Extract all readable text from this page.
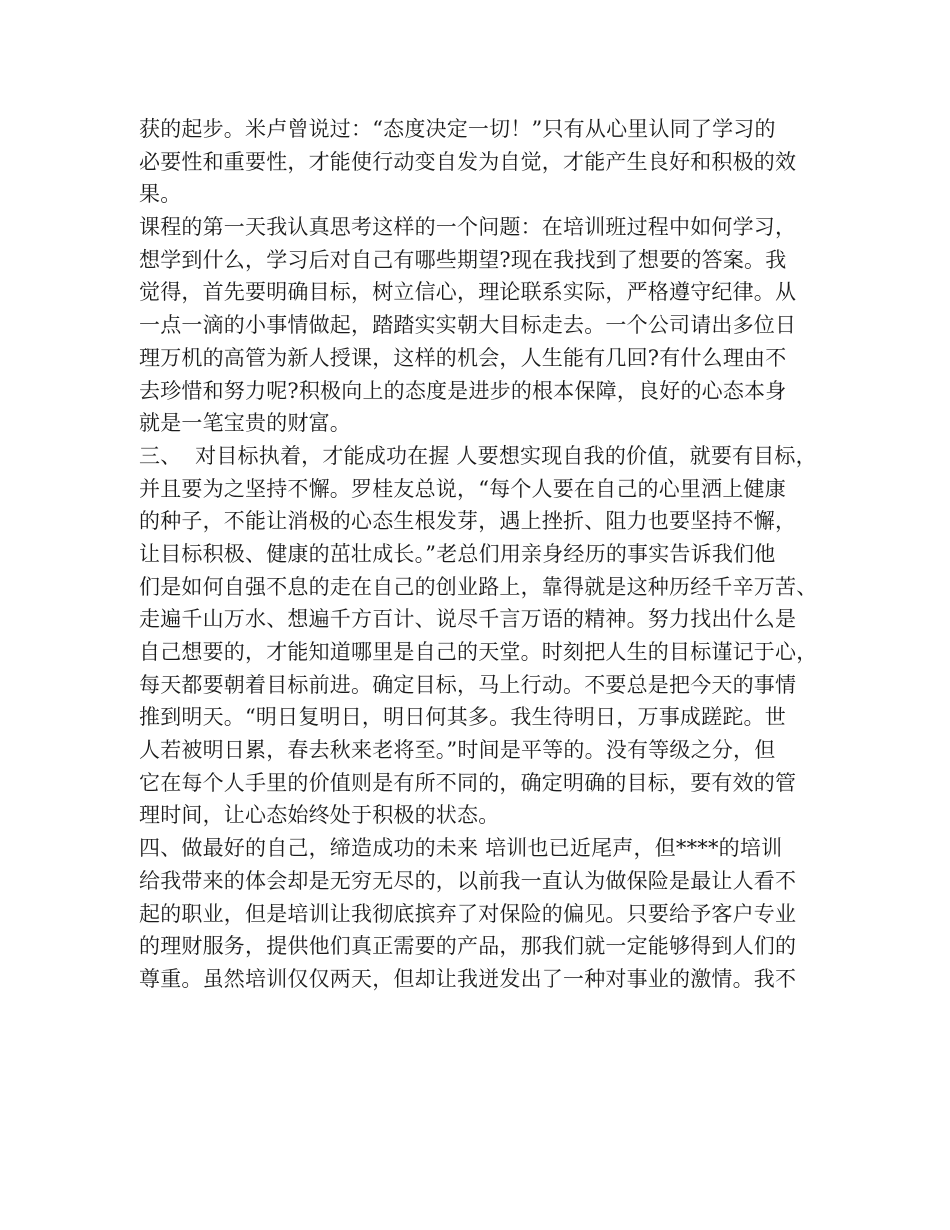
获的起步。米卢曾说过：“态度决定一切！”只有从心里认同了学习的
必要性和重要性，才能使行动变自发为自觉，才能产生良好和积极的效
果。
课程的第一天我认真思考这样的一个问题：在培训班过程中如何学习，
想学到什么，学习后对自己有哪些期望?现在我找到了想要的答案。我
觉得，首先要明确目标，树立信心，理论联系实际，严格遵守纪律。从
一点一滴的小事情做起，踏踏实实朝大目标走去。一个公司请出多位日
理万机的高管为新人授课，这样的机会，人生能有几回?有什么理由不
去珍惜和努力呢?积极向上的态度是进步的根本保障，良好的心态本身
就是一笔宝贵的财富。
三、  对目标执着，才能成功在握 人要想实现自我的价值，就要有目标，
并且要为之坚持不懈。罗桂友总说，“每个人要在自己的心里洒上健康
的种子，不能让消极的心态生根发芽，遇上挫折、阻力也要坚持不懈，
让目标积极、健康的茁壮成长。”老总们用亲身经历的事实告诉我们他
们是如何自强不息的走在自己的创业路上，靠得就是这种历经千辛万苦、
走遍千山万水、想遍千方百计、说尽千言万语的精神。努力找出什么是
自己想要的，才能知道哪里是自己的天堂。时刻把人生的目标谨记于心，
每天都要朝着目标前进。确定目标，马上行动。不要总是把今天的事情
推到明天。“明日复明日，明日何其多。我生待明日，万事成蹉跎。世
人若被明日累，春去秋来老将至。”时间是平等的。没有等级之分，但
它在每个人手里的价值则是有所不同的，确定明确的目标，要有效的管
理时间，让心态始终处于积极的状态。
四、做最好的自己，缔造成功的未来 培训也已近尾声，但****的培训
给我带来的体会却是无穷无尽的，以前我一直认为做保险是最让人看不
起的职业，但是培训让我彻底摈弃了对保险的偏见。只要给予客户专业
的理财服务，提供他们真正需要的产品，那我们就一定能够得到人们的
尊重。虽然培训仅仅两天，但却让我迸发出了一种对事业的激情。我不
